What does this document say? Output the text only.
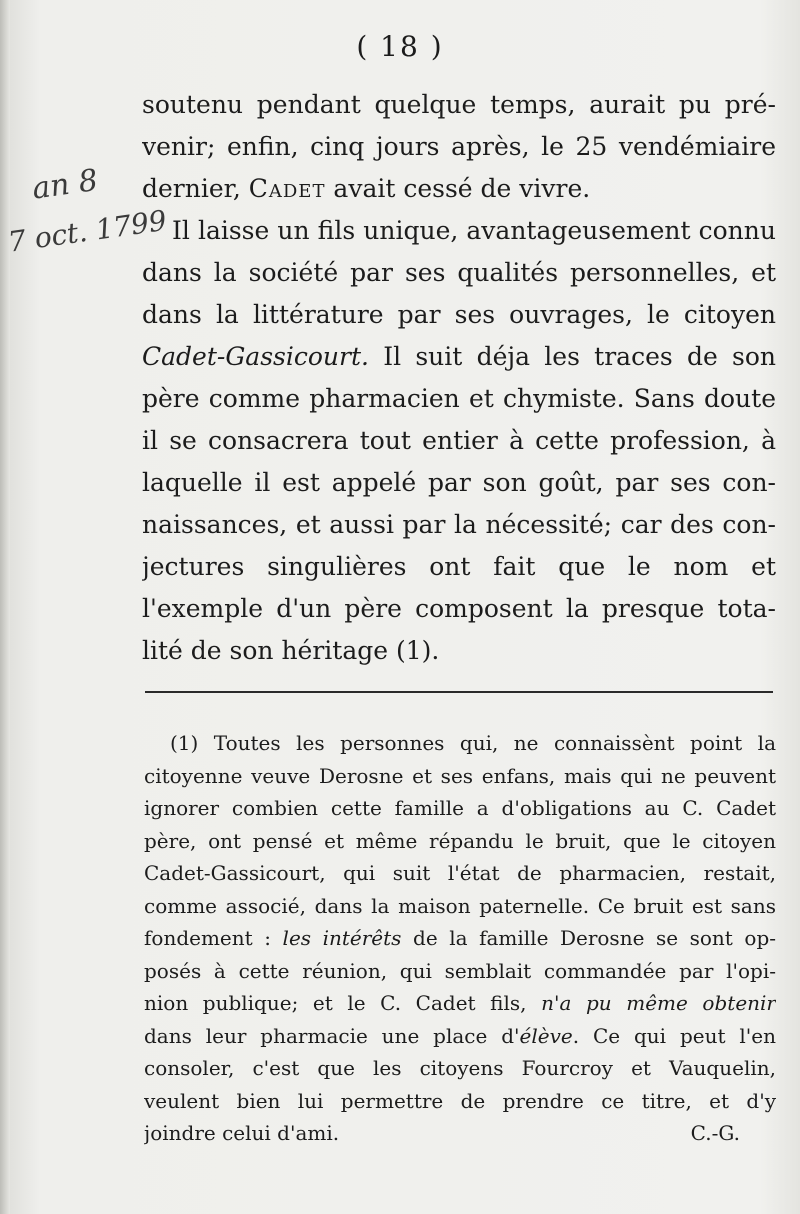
an 8
7 oct. 1799
( 18 )
soutenu pendant quelque temps, aurait pu pré-
venir; enfin, cinq jours après, le 25 vendémiaire
dernier, Cadet avait cessé de vivre.
Il laisse un fils unique, avantageusement connu
dans la société par ses qualités personnelles, et
dans la littérature par ses ouvrages, le citoyen
Cadet-Gassicourt. Il suit déja les traces de son
père comme pharmacien et chymiste. Sans doute
il se consacrera tout entier à cette profession, à
laquelle il est appelé par son goût, par ses con-
naissances, et aussi par la nécessité; car des con-
jectures singulières ont fait que le nom et
l'exemple d'un père composent la presque tota-
lité de son héritage (1).
(1) Toutes les personnes qui, ne connaissènt point la
citoyenne veuve Derosne et ses enfans, mais qui ne peuvent
ignorer combien cette famille a d'obligations au C. Cadet
père, ont pensé et même répandu le bruit, que le citoyen
Cadet-Gassicourt, qui suit l'état de pharmacien, restait,
comme associé, dans la maison paternelle. Ce bruit est sans
fondement : les intérêts de la famille Derosne se sont op-
posés à cette réunion, qui semblait commandée par l'opi-
nion publique; et le C. Cadet fils, n'a pu même obtenir
dans leur pharmacie une place d'élève. Ce qui peut l'en
consoler, c'est que les citoyens Fourcroy et Vauquelin,
veulent bien lui permettre de prendre ce titre, et d'y
joindre celui d'ami.	C.-G.
